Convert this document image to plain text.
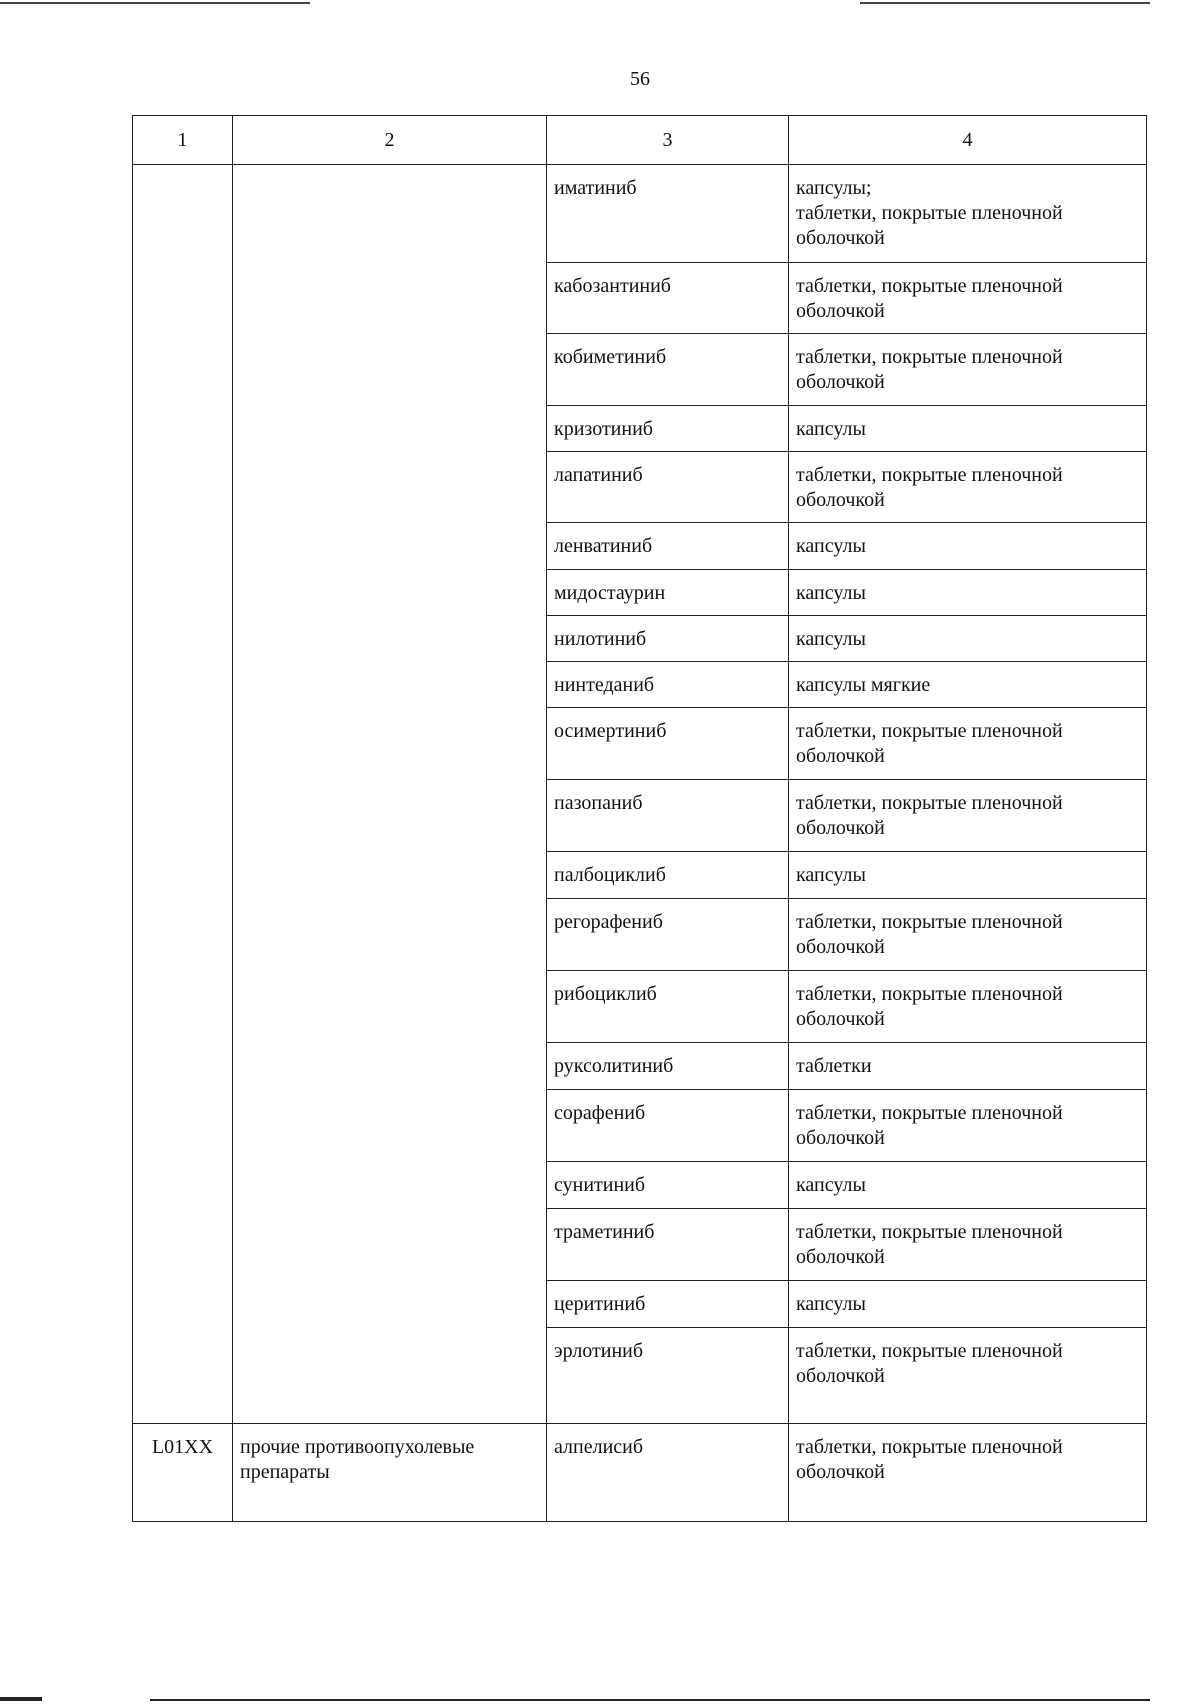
56
1	2	3	4

		иматиниб	капсулы;
таблетки, покрытые пленочной оболочкой

		кабозантиниб	таблетки, покрытые пленочной оболочкой

		кобиметиниб	таблетки, покрытые пленочной оболочкой

		кризотиниб	капсулы

		лапатиниб	таблетки, покрытые пленочной оболочкой

		ленватиниб	капсулы

		мидостаурин	капсулы

		нилотиниб	капсулы

		нинтеданиб	капсулы мягкие

		осимертиниб	таблетки, покрытые пленочной оболочкой

		пазопаниб	таблетки, покрытые пленочной оболочкой

		палбоциклиб	капсулы

		регорафениб	таблетки, покрытые пленочной оболочкой

		рибоциклиб	таблетки, покрытые пленочной оболочкой

		руксолитиниб	таблетки

		сорафениб	таблетки, покрытые пленочной оболочкой

		сунитиниб	капсулы

		траметиниб	таблетки, покрытые пленочной оболочкой

		церитиниб	капсулы

		эрлотиниб	таблетки, покрытые пленочной оболочкой

L01XX	прочие противоопухолевые препараты	алпелисиб	таблетки, покрытые пленочной оболочкой
